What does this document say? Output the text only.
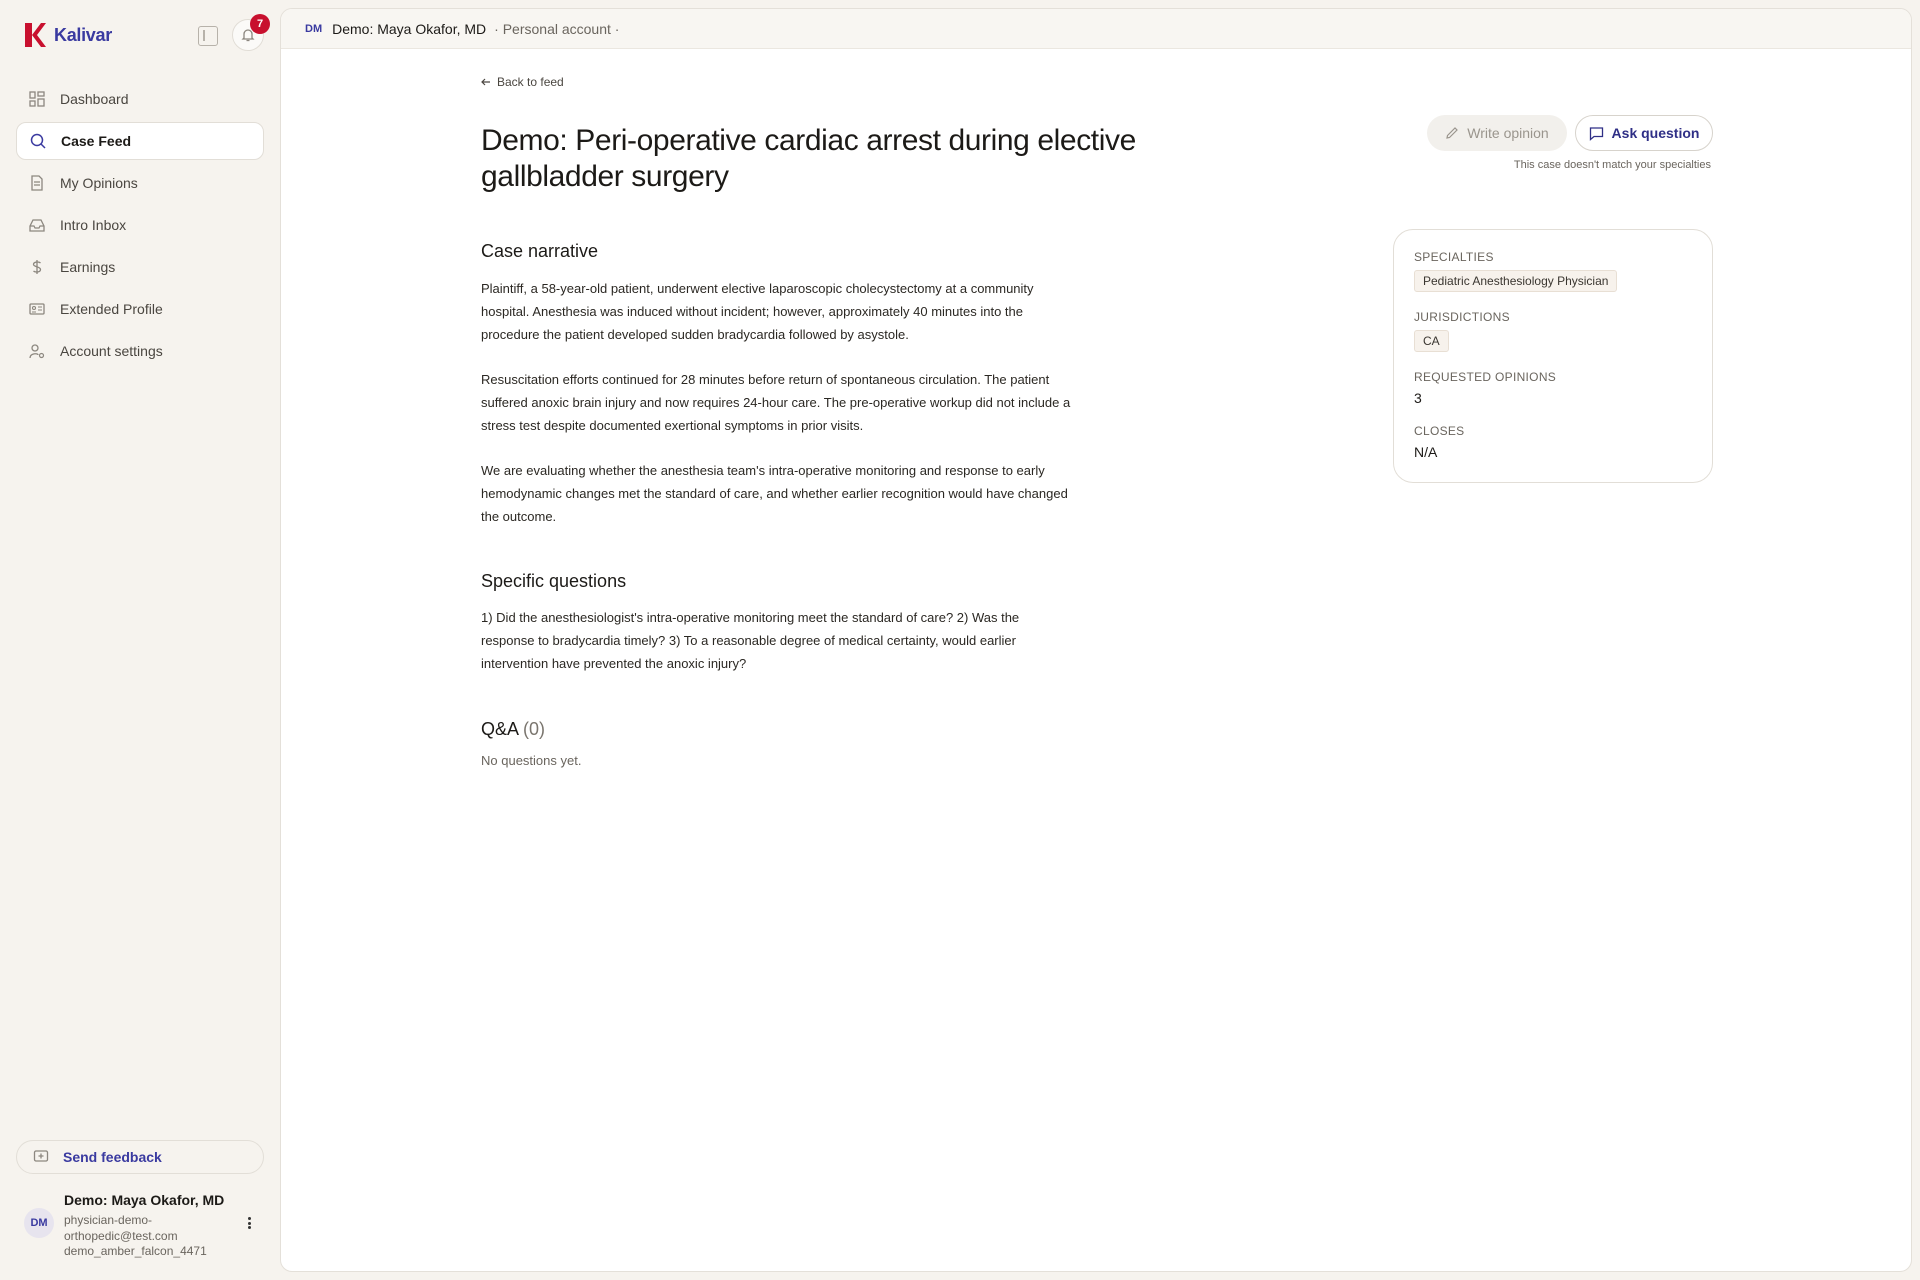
Kalivar
7
Dashboard
Case Feed
My Opinions
Intro Inbox
Earnings
Extended Profile
Account settings
Send feedback
DM
Demo: Maya Okafor, MD
physician-demo-orthopedic@test.com
demo_amber_falcon_4471
DM Demo: Maya Okafor, MD · Personal account ·
Back to feed
Demo: Peri-operative cardiac arrest during elective gallbladder surgery
Write opinion	Ask question
This case doesn't match your specialties
SPECIALTIES
Pediatric Anesthesiology Physician
JURISDICTIONS
CA
REQUESTED OPINIONS
3
CLOSES
N/A
Case narrative

Plaintiff, a 58-year-old patient, underwent elective laparoscopic cholecystectomy at a community hospital. Anesthesia was induced without incident; however, approximately 40 minutes into the procedure the patient developed sudden bradycardia followed by asystole.

Resuscitation efforts continued for 28 minutes before return of spontaneous circulation. The patient suffered anoxic brain injury and now requires 24-hour care. The pre-operative workup did not include a stress test despite documented exertional symptoms in prior visits.

We are evaluating whether the anesthesia team's intra-operative monitoring and response to early hemodynamic changes met the standard of care, and whether earlier recognition would have changed the outcome.

Specific questions

1) Did the anesthesiologist's intra-operative monitoring meet the standard of care? 2) Was the response to bradycardia timely? 3) To a reasonable degree of medical certainty, would earlier intervention have prevented the anoxic injury?

Q&A (0)
No questions yet.
